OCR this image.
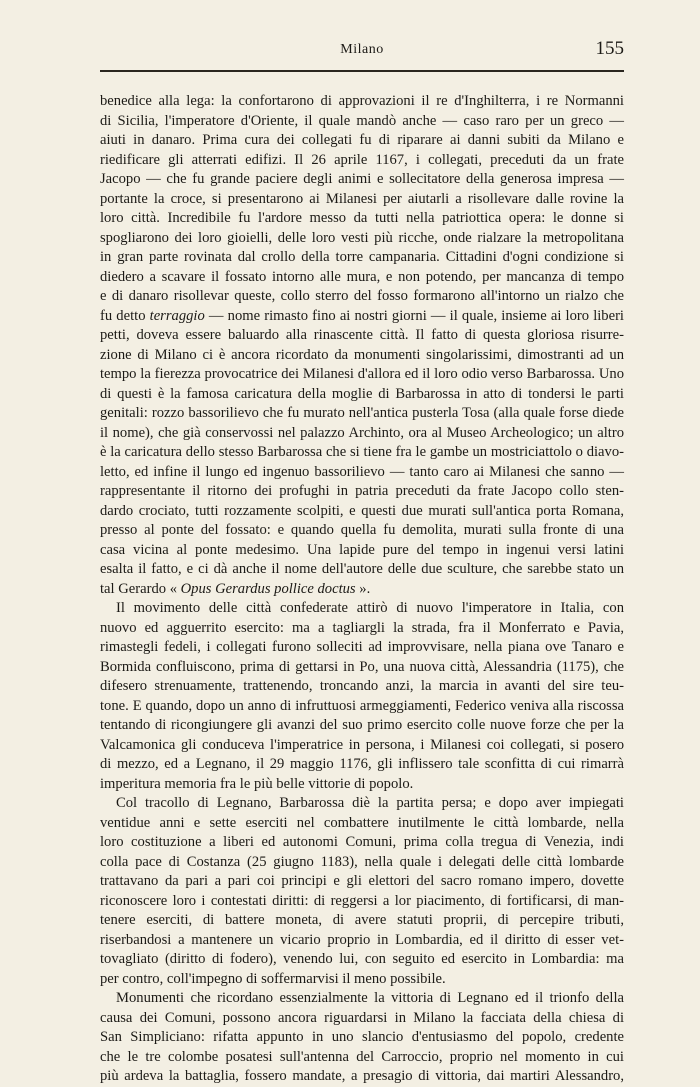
Milano	155
benedice alla lega: la confortarono di approvazioni il re d'Inghilterra, i re Normanni
di Sicilia, l'imperatore d'Oriente, il quale mandò anche — caso raro per un greco —
aiuti in danaro. Prima cura dei collegati fu di riparare ai danni subiti da Milano e
riedificare gli atterrati edifizi. Il 26 aprile 1167, i collegati, preceduti da un frate
Jacopo — che fu grande paciere degli animi e sollecitatore della generosa impresa —
portante la croce, si presentarono ai Milanesi per aiutarli a risollevare dalle rovine la
loro città. Incredibile fu l'ardore messo da tutti nella patriottica opera: le donne si
spogliarono dei loro gioielli, delle loro vesti più ricche, onde rialzare la metropolitana
in gran parte rovinata dal crollo della torre campanaria. Cittadini d'ogni condizione si
diedero a scavare il fossato intorno alle mura, e non potendo, per mancanza di tempo
e di danaro risollevar queste, collo sterro del fosso formarono all'intorno un rialzo che
fu detto terraggio — nome rimasto fino ai nostri giorni — il quale, insieme ai loro liberi
petti, doveva essere baluardo alla rinascente città. Il fatto di questa gloriosa risurre-
zione di Milano ci è ancora ricordato da monumenti singolarissimi, dimostranti ad un
tempo la fierezza provocatrice dei Milanesi d'allora ed il loro odio verso Barbarossa. Uno
di questi è la famosa caricatura della moglie di Barbarossa in atto di tondersi le parti
genitali: rozzo bassorilievo che fu murato nell'antica pusterla Tosa (alla quale forse diede
il nome), che già conservossi nel palazzo Archinto, ora al Museo Archeologico; un altro
è la caricatura dello stesso Barbarossa che si tiene fra le gambe un mostriciattolo o diavo-
letto, ed infine il lungo ed ingenuo bassorilievo — tanto caro ai Milanesi che sanno —
rappresentante il ritorno dei profughi in patria preceduti da frate Jacopo collo sten-
dardo crociato, tutti rozzamente scolpiti, e questi due murati sull'antica porta Romana,
presso al ponte del fossato: e quando quella fu demolita, murati sulla fronte di una
casa vicina al ponte medesimo. Una lapide pure del tempo in ingenui versi latini
esalta il fatto, e ci dà anche il nome dell'autore delle due sculture, che sarebbe stato un
tal Gerardo « Opus Gerardus pollice doctus ».
Il movimento delle città confederate attirò di nuovo l'imperatore in Italia, con
nuovo ed agguerrito esercito: ma a tagliargli la strada, fra il Monferrato e Pavia,
rimastegli fedeli, i collegati furono solleciti ad improvvisare, nella piana ove Tanaro e
Bormida confluiscono, prima di gettarsi in Po, una nuova città, Alessandria (1175), che
difesero strenuamente, trattenendo, troncando anzi, la marcia in avanti del sire teu-
tone. E quando, dopo un anno di infruttuosi armeggiamenti, Federico veniva alla riscossa
tentando di ricongiungere gli avanzi del suo primo esercito colle nuove forze che per la
Valcamonica gli conduceva l'imperatrice in persona, i Milanesi coi collegati, si posero
di mezzo, ed a Legnano, il 29 maggio 1176, gli inflissero tale sconfitta di cui rimarrà
imperitura memoria fra le più belle vittorie di popolo.
Col tracollo di Legnano, Barbarossa diè la partita persa; e dopo aver impiegati
ventidue anni e sette eserciti nel combattere inutilmente le città lombarde, nella
loro costituzione a liberi ed autonomi Comuni, prima colla tregua di Venezia, indi
colla pace di Costanza (25 giugno 1183), nella quale i delegati delle città lombarde
trattavano da pari a pari coi principi e gli elettori del sacro romano impero, dovette
riconoscere loro i contestati diritti: di reggersi a lor piacimento, di fortificarsi, di man-
tenere eserciti, di battere moneta, di avere statuti proprii, di percepire tributi,
riserbandosi a mantenere un vicario proprio in Lombardia, ed il diritto di esser vet-
tovagliato (diritto di fodero), venendo lui, con seguito ed esercito in Lombardia: ma
per contro, coll'impegno di soffermarvisi il meno possibile.
Monumenti che ricordano essenzialmente la vittoria di Legnano ed il trionfo della
causa dei Comuni, possono ancora riguardarsi in Milano la facciata della chiesa di
San Simpliciano: rifatta appunto in uno slancio d'entusiasmo del popolo, credente
che le tre colombe posatesi sull'antenna del Carroccio, proprio nel momento in cui
più ardeva la battaglia, fossero mandate, a presagio di vittoria, dai martiri Alessandro,
